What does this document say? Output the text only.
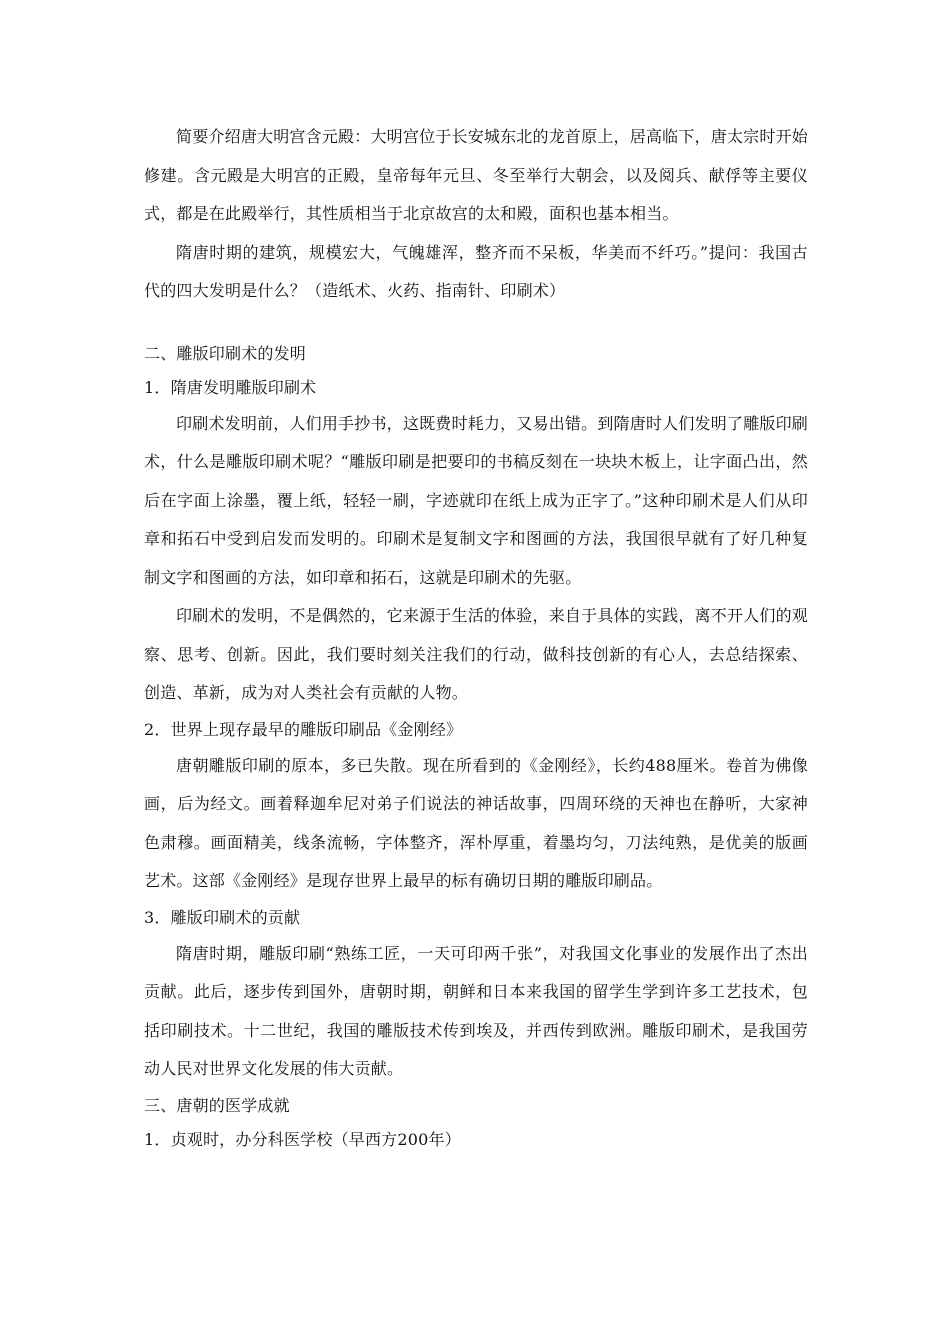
简要介绍唐大明宫含元殿：大明宫位于长安城东北的龙首原上，居高临下，唐太宗时开始修建。含元殿是大明宫的正殿，皇帝每年元旦、冬至举行大朝会，以及阅兵、献俘等主要仪式，都是在此殿举行，其性质相当于北京故宫的太和殿，面积也基本相当。

隋唐时期的建筑，规模宏大，气魄雄浑，整齐而不呆板，华美而不纤巧。”提问：我国古代的四大发明是什么？（造纸术、火药、指南针、印刷术）

二、雕版印刷术的发明

1．隋唐发明雕版印刷术

印刷术发明前，人们用手抄书，这既费时耗力，又易出错。到隋唐时人们发明了雕版印刷术，什么是雕版印刷术呢？“雕版印刷是把要印的书稿反刻在一块块木板上，让字面凸出，然后在字面上涂墨，覆上纸，轻轻一刷，字迹就印在纸上成为正字了。”这种印刷术是人们从印章和拓石中受到启发而发明的。印刷术是复制文字和图画的方法，我国很早就有了好几种复制文字和图画的方法，如印章和拓石，这就是印刷术的先驱。

印刷术的发明，不是偶然的，它来源于生活的体验，来自于具体的实践，离不开人们的观察、思考、创新。因此，我们要时刻关注我们的行动，做科技创新的有心人，去总结探索、创造、革新，成为对人类社会有贡献的人物。

2．世界上现存最早的雕版印刷品《金刚经》

唐朝雕版印刷的原本，多已失散。现在所看到的《金刚经》，长约488厘米。卷首为佛像画，后为经文。画着释迦牟尼对弟子们说法的神话故事，四周环绕的天神也在静听，大家神色肃穆。画面精美，线条流畅，字体整齐，浑朴厚重，着墨均匀，刀法纯熟，是优美的版画艺术。这部《金刚经》是现存世界上最早的标有确切日期的雕版印刷品。

3．雕版印刷术的贡献

隋唐时期，雕版印刷“熟练工匠，一天可印两千张”，对我国文化事业的发展作出了杰出贡献。此后，逐步传到国外，唐朝时期，朝鲜和日本来我国的留学生学到许多工艺技术，包括印刷技术。十二世纪，我国的雕版技术传到埃及，并西传到欧洲。雕版印刷术，是我国劳动人民对世界文化发展的伟大贡献。

三、唐朝的医学成就

1．贞观时，办分科医学校（早西方200年）
